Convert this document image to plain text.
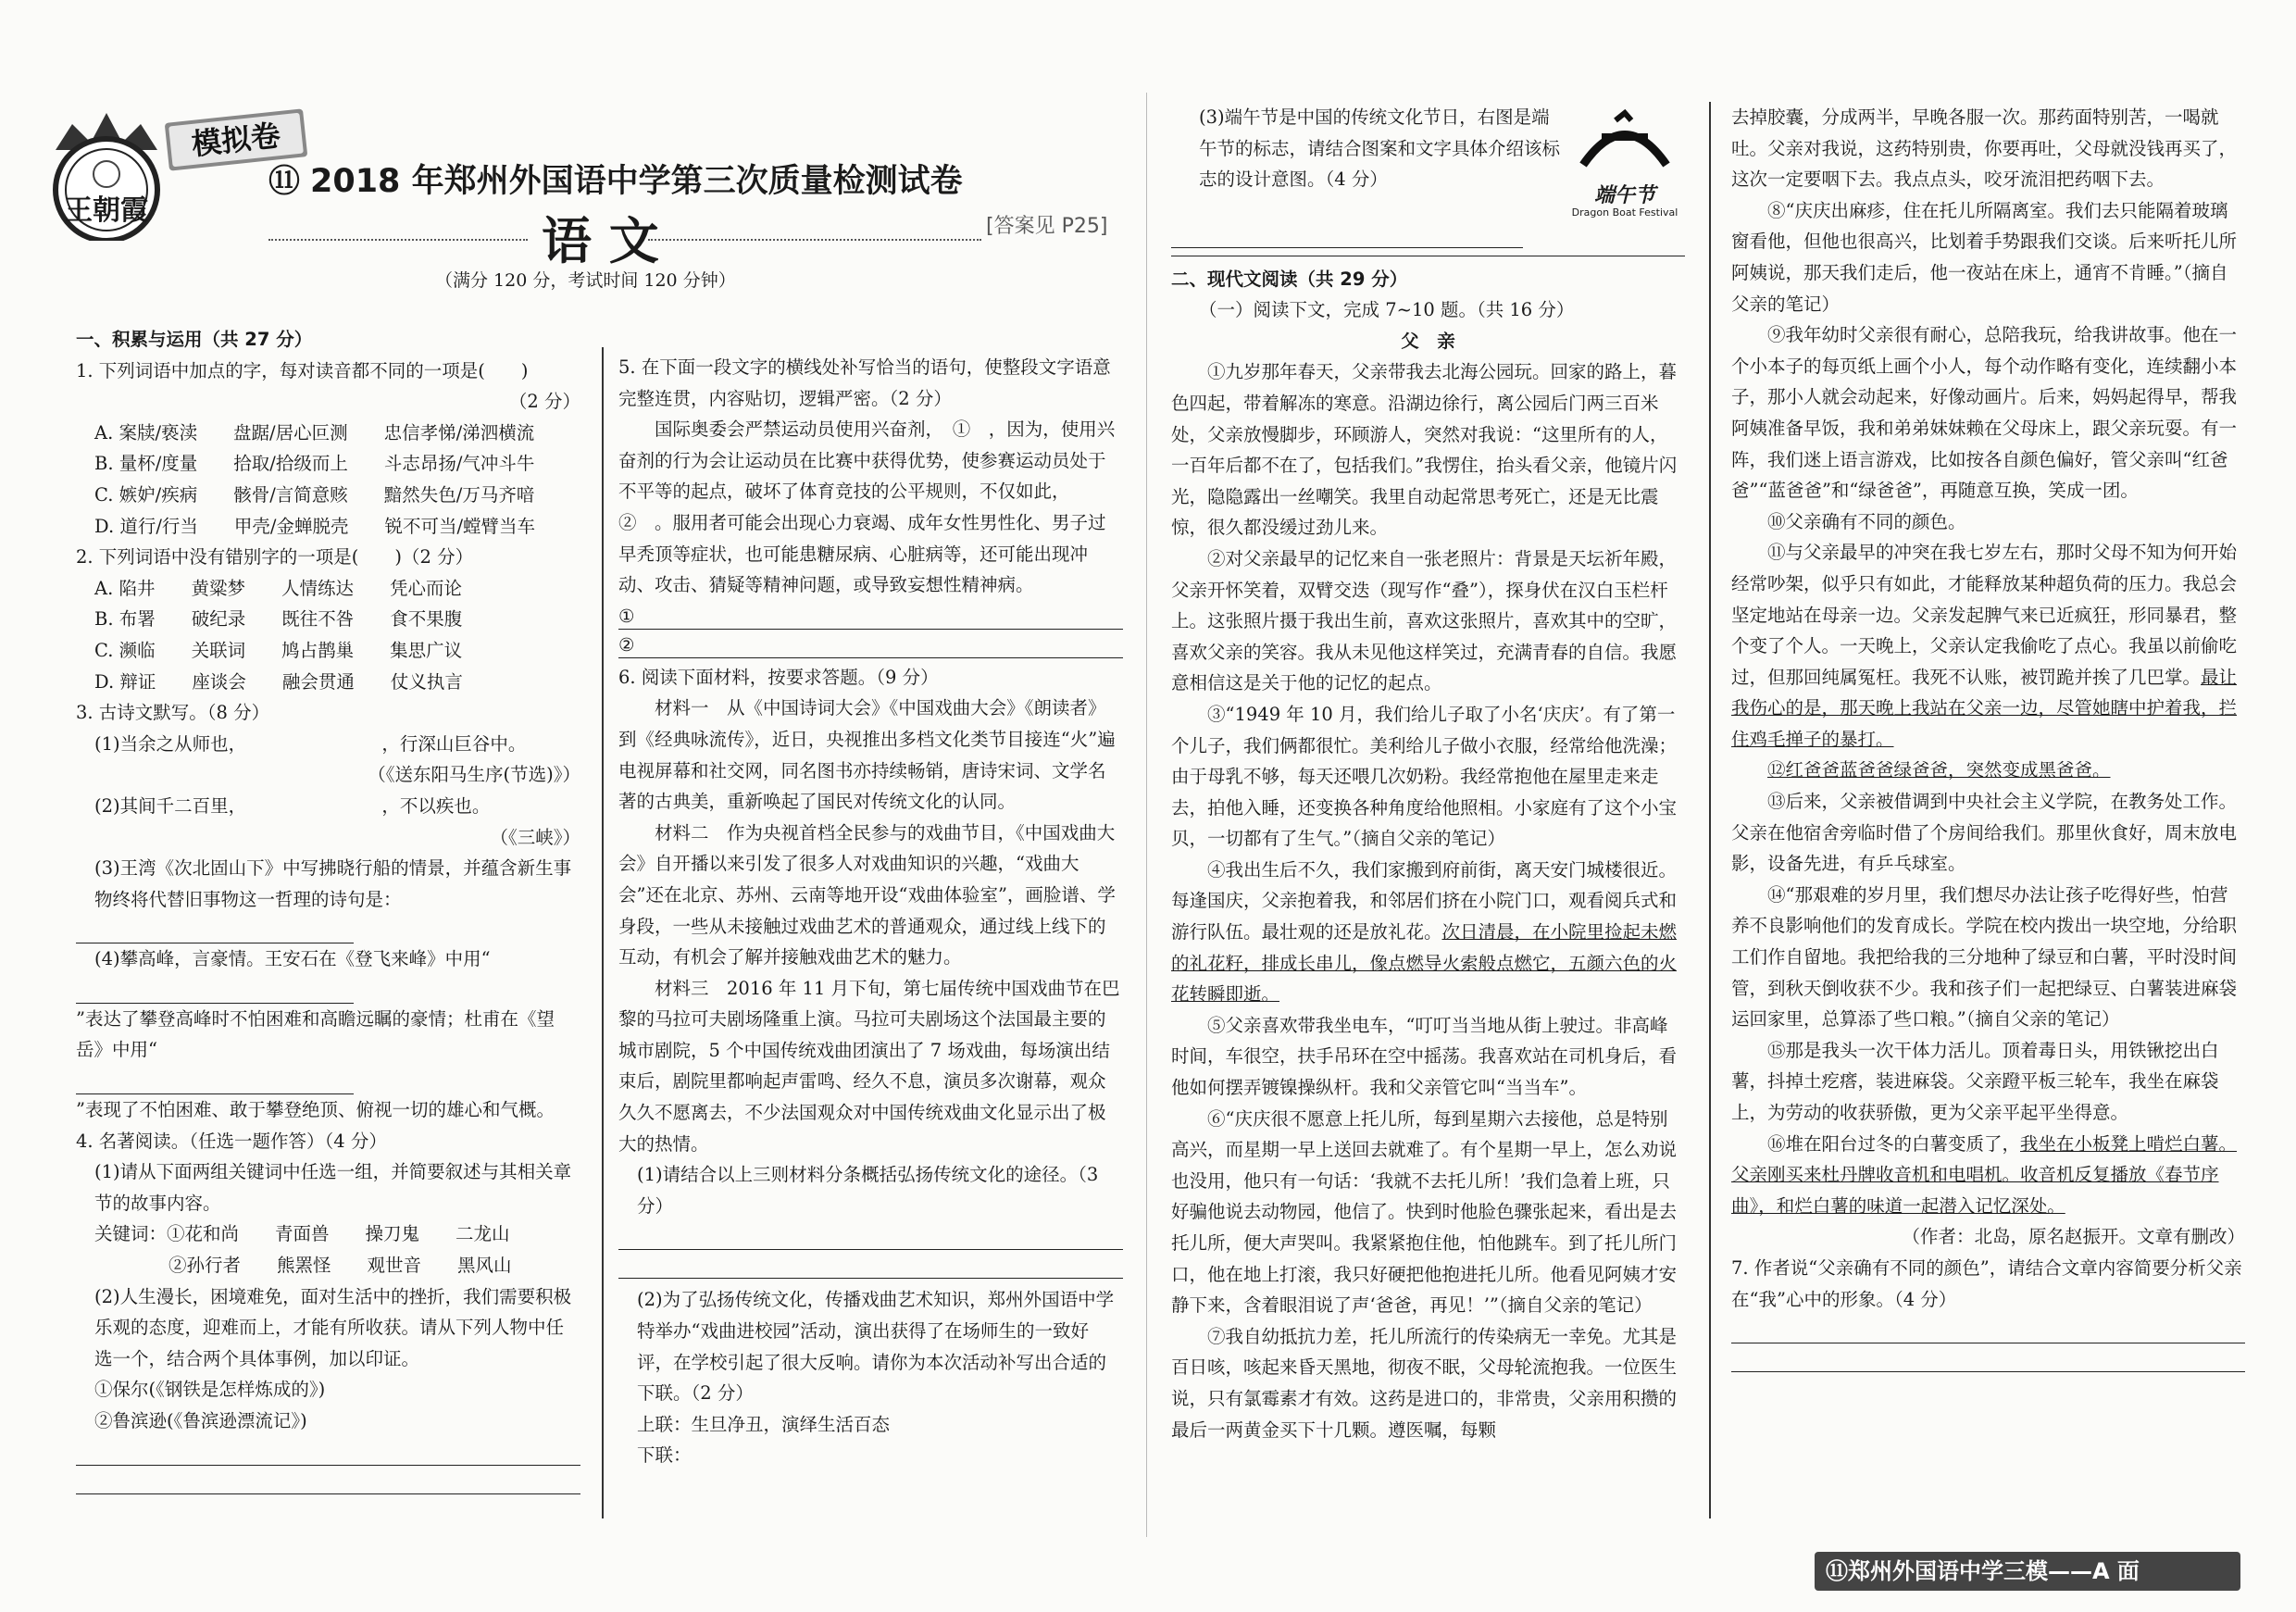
王朝霞
模拟卷
⑪ 2018 年郑州外国语中学第三次质量检测试卷
语 文	[答案见 P25]
（满分 120 分，考试时间 120 分钟）

一、积累与运用（共 27 分）

1. 下列词语中加点的字，每对读音都不同的一项是(　　)

（2 分）

A. 案牍/亵渎　　盘踞/居心叵测　　忠信孝悌/涕泗横流

B. 量杯/度量　　拾取/拾级而上　　斗志昂扬/气冲斗牛

C. 嫉妒/疾病　　骸骨/言简意赅　　黯然失色/万马齐喑

D. 道行/行当　　甲壳/金蝉脱壳　　锐不可当/螳臂当车

2. 下列词语中没有错别字的一项是(　　)（2 分）

A. 陷井　　黄粱梦　　人情练达　　凭心而论

B. 布署　　破纪录　　既往不咎　　食不果腹

C. 濒临　　关联词　　鸠占鹊巢　　集思广议

D. 辩证　　座谈会　　融会贯通　　仗义执言

3. 古诗文默写。（8 分）

(1)当余之从师也，　　　　　　　　，行深山巨谷中。

（《送东阳马生序(节选)》）

(2)其间千二百里，　　　　　　　　，不以疾也。

（《三峡》）

(3)王湾《次北固山下》中写拂晓行船的情景，并蕴含新生事物终将代替旧事物这一哲理的诗句是：

(4)攀高峰，言豪情。王安石在《登飞来峰》中用“

”表达了攀登高峰时不怕困难和高瞻远瞩的豪情；杜甫在《望岳》中用“

”表现了不怕困难、敢于攀登绝顶、俯视一切的雄心和气概。

4. 名著阅读。（任选一题作答）（4 分）

(1)请从下面两组关键词中任选一组，并简要叙述与其相关章节的故事内容。

关键词：①花和尚　　青面兽　　操刀鬼　　二龙山

②孙行者　　熊罴怪　　观世音　　黑风山

(2)人生漫长，困境难免，面对生活中的挫折，我们需要积极乐观的态度，迎难而上，才能有所收获。请从下列人物中任选一个，结合两个具体事例，加以印证。

①保尔(《钢铁是怎样炼成的》)

②鲁滨逊(《鲁滨逊漂流记》)

5. 在下面一段文字的横线处补写恰当的语句，使整段文字语意完整连贯，内容贴切，逻辑严密。（2 分）

国际奥委会严禁运动员使用兴奋剂，　①　，因为，使用兴奋剂的行为会让运动员在比赛中获得优势，使参赛运动员处于不平等的起点，破坏了体育竞技的公平规则，不仅如此，　②　。服用者可能会出现心力衰竭、成年女性男性化、男子过早秃顶等症状，也可能患糖尿病、心脏病等，还可能出现冲动、攻击、猜疑等精神问题，或导致妄想性精神病。

①
②

6. 阅读下面材料，按要求答题。（9 分）

材料一　从《中国诗词大会》《中国戏曲大会》《朗读者》到《经典咏流传》，近日，央视推出多档文化类节目接连“火”遍电视屏幕和社交网，同名图书亦持续畅销，唐诗宋词、文学名著的古典美，重新唤起了国民对传统文化的认同。

材料二　作为央视首档全民参与的戏曲节目，《中国戏曲大会》自开播以来引发了很多人对戏曲知识的兴趣，“戏曲大会”还在北京、苏州、云南等地开设“戏曲体验室”，画脸谱、学身段，一些从未接触过戏曲艺术的普通观众，通过线上线下的互动，有机会了解并接触戏曲艺术的魅力。

材料三　2016 年 11 月下旬，第七届传统中国戏曲节在巴黎的马拉可夫剧场隆重上演。马拉可夫剧场这个法国最主要的城市剧院，5 个中国传统戏曲团演出了 7 场戏曲，每场演出结束后，剧院里都响起声雷鸣、经久不息，演员多次谢幕，观众久久不愿离去，不少法国观众对中国传统戏曲文化显示出了极大的热情。

(1)请结合以上三则材料分条概括弘扬传统文化的途径。（3 分）

(2)为了弘扬传统文化，传播戏曲艺术知识，郑州外国语中学特举办“戏曲进校园”活动，演出获得了在场师生的一致好评，在学校引起了很大反响。请你为本次活动补写出合适的下联。（2 分）

上联：生旦净丑，演绎生活百态

下联：

(3)端午节是中国的传统文化节日，右图是端午节的标志，请结合图案和文字具体介绍该标志的设计意图。（4 分）

端午节
Dragon Boat Festival

二、现代文阅读（共 29 分）

（一）阅读下文，完成 7~10 题。（共 16 分）

父　亲

①九岁那年春天，父亲带我去北海公园玩。回家的路上，暮色四起，带着解冻的寒意。沿湖边徐行，离公园后门两三百米处，父亲放慢脚步，环顾游人，突然对我说：“这里所有的人，一百年后都不在了，包括我们。”我愣住，抬头看父亲，他镜片闪光，隐隐露出一丝嘲笑。我里自动起常思考死亡，还是无比震惊，很久都没缓过劲儿来。

②对父亲最早的记忆来自一张老照片：背景是天坛祈年殿，父亲开怀笑着，双臂交迭（现写作“叠”），探身伏在汉白玉栏杆上。这张照片摄于我出生前，喜欢这张照片，喜欢其中的空旷，喜欢父亲的笑容。我从未见他这样笑过，充满青春的自信。我愿意相信这是关于他的记忆的起点。

③“1949 年 10 月，我们给儿子取了小名‘庆庆’。有了第一个儿子，我们俩都很忙。美利给儿子做小衣服，经常给他洗澡；由于母乳不够，每天还喂几次奶粉。我经常抱他在屋里走来走去，拍他入睡，还变换各种角度给他照相。小家庭有了这个小宝贝，一切都有了生气。”（摘自父亲的笔记）

④我出生后不久，我们家搬到府前街，离天安门城楼很近。每逢国庆，父亲抱着我，和邻居们挤在小院门口，观看阅兵式和游行队伍。最壮观的还是放礼花。次日清晨，在小院里捡起未燃的礼花籽，排成长串儿，像点燃导火索般点燃它，五颜六色的火花转瞬即逝。

⑤父亲喜欢带我坐电车，“叮叮当当地从街上驶过。非高峰时间，车很空，扶手吊环在空中摇荡。我喜欢站在司机身后，看他如何摆弄镀镍操纵杆。我和父亲管它叫“当当车”。

⑥“庆庆很不愿意上托儿所，每到星期六去接他，总是特别高兴，而星期一早上送回去就难了。有个星期一早上，怎么劝说也没用，他只有一句话：‘我就不去托儿所！’我们急着上班，只好骗他说去动物园，他信了。快到时他脸色骤张起来，看出是去托儿所，便大声哭叫。我紧紧抱住他，怕他跳车。到了托儿所门口，他在地上打滚，我只好硬把他抱进托儿所。他看见阿姨才安静下来，含着眼泪说了声‘爸爸，再见！’”（摘自父亲的笔记）

⑦我自幼抵抗力差，托儿所流行的传染病无一幸免。尤其是百日咳，咳起来昏天黑地，彻夜不眠，父母轮流抱我。一位医生说，只有氯霉素才有效。这药是进口的，非常贵，父亲用积攒的最后一两黄金买下十几颗。遵医嘱，每颗

去掉胶囊，分成两半，早晚各服一次。那药面特别苦，一喝就吐。父亲对我说，这药特别贵，你要再吐，父母就没钱再买了，这次一定要咽下去。我点点头，咬牙流泪把药咽下去。

⑧“庆庆出麻疹，住在托儿所隔离室。我们去只能隔着玻璃窗看他，但他也很高兴，比划着手势跟我们交谈。后来听托儿所阿姨说，那天我们走后，他一夜站在床上，通宵不肯睡。”（摘自父亲的笔记）

⑨我年幼时父亲很有耐心，总陪我玩，给我讲故事。他在一个小本子的每页纸上画个小人，每个动作略有变化，连续翻小本子，那小人就会动起来，好像动画片。后来，妈妈起得早，帮我阿姨准备早饭，我和弟弟妹妹赖在父母床上，跟父亲玩耍。有一阵，我们迷上语言游戏，比如按各自颜色偏好，管父亲叫“红爸爸”“蓝爸爸”和“绿爸爸”，再随意互换，笑成一团。

⑩父亲确有不同的颜色。

⑪与父亲最早的冲突在我七岁左右，那时父母不知为何开始经常吵架，似乎只有如此，才能释放某种超负荷的压力。我总会坚定地站在母亲一边。父亲发起脾气来已近疯狂，形同暴君，整个变了个人。一天晚上，父亲认定我偷吃了点心。我虽以前偷吃过，但那回纯属冤枉。我死不认账，被罚跪并挨了几巴掌。最让我伤心的是，那天晚上我站在父亲一边，尽管她瞎中护着我，拦住鸡毛掸子的暴打。

⑫红爸爸蓝爸爸绿爸爸，突然变成黑爸爸。

⑬后来，父亲被借调到中央社会主义学院，在教务处工作。父亲在他宿舍旁临时借了个房间给我们。那里伙食好，周末放电影，设备先进，有乒乓球室。

⑭“那艰难的岁月里，我们想尽办法让孩子吃得好些，怕营养不良影响他们的发育成长。学院在校内拨出一块空地，分给职工们作自留地。我把给我的三分地种了绿豆和白薯，平时没时间管，到秋天倒收获不少。我和孩子们一起把绿豆、白薯装进麻袋运回家里，总算添了些口粮。”（摘自父亲的笔记）

⑮那是我头一次干体力活儿。顶着毒日头，用铁锹挖出白薯，抖掉土疙瘩，装进麻袋。父亲蹬平板三轮车，我坐在麻袋上，为劳动的收获骄傲，更为父亲平起平坐得意。

⑯堆在阳台过冬的白薯变质了，我坐在小板凳上啃烂白薯。父亲刚买来杜丹牌收音机和电唱机。收音机反复播放《春节序曲》，和烂白薯的味道一起潜入记忆深处。

（作者：北岛，原名赵振开。文章有删改）

7. 作者说“父亲确有不同的颜色”，请结合文章内容简要分析父亲在“我”心中的形象。（4 分）

⑪郑州外国语中学三模——A 面
